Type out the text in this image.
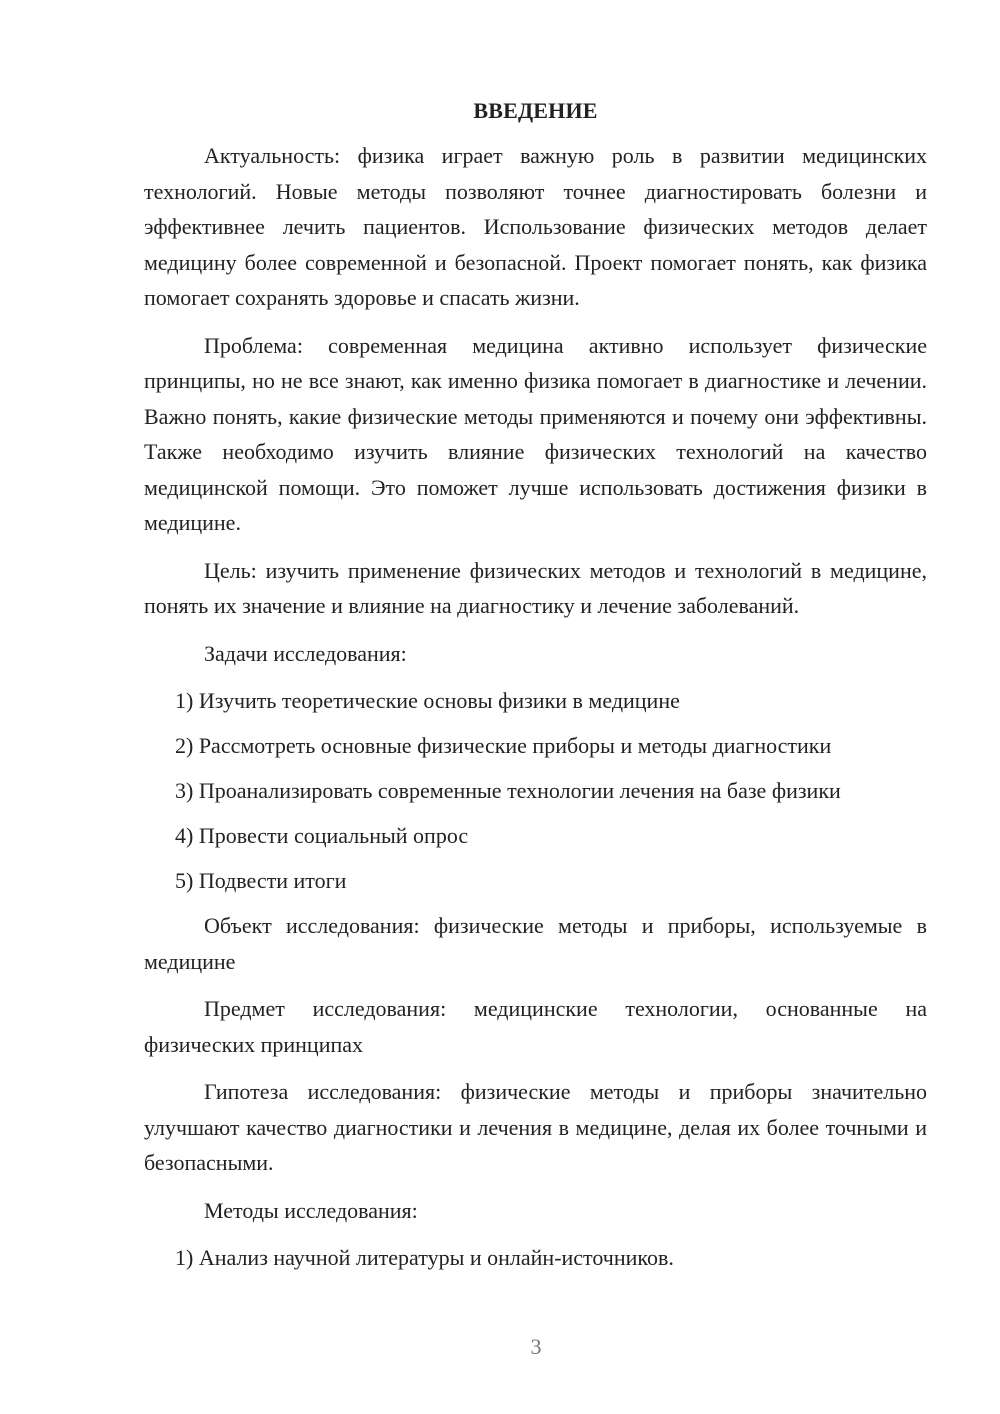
ВВЕДЕНИЕ

Актуальность: физика играет важную роль в развитии медицинских технологий. Новые методы позволяют точнее диагностировать болезни и эффективнее лечить пациентов. Использование физических методов делает медицину более современной и безопасной. Проект помогает понять, как физика помогает сохранять здоровье и спасать жизни.

Проблема: современная медицина активно использует физические принципы, но не все знают, как именно физика помогает в диагностике и лечении. Важно понять, какие физические методы применяются и почему они эффективны. Также необходимо изучить влияние физических технологий на качество медицинской помощи. Это поможет лучше использовать достижения физики в медицине.

Цель: изучить применение физических методов и технологий в медицине, понять их значение и влияние на диагностику и лечение заболеваний.

Задачи исследования:

1) Изучить теоретические основы физики в медицине
2) Рассмотреть основные физические приборы и методы диагностики
3) Проанализировать современные технологии лечения на базе физики
4) Провести социальный опрос
5) Подвести итоги

Объект исследования: физические методы и приборы, используемые в медицине

Предмет исследования: медицинские технологии, основанные на физических принципах

Гипотеза исследования: физические методы и приборы значительно улучшают качество диагностики и лечения в медицине, делая их более точными и безопасными.

Методы исследования:

1) Анализ научной литературы и онлайн-источников.
3
